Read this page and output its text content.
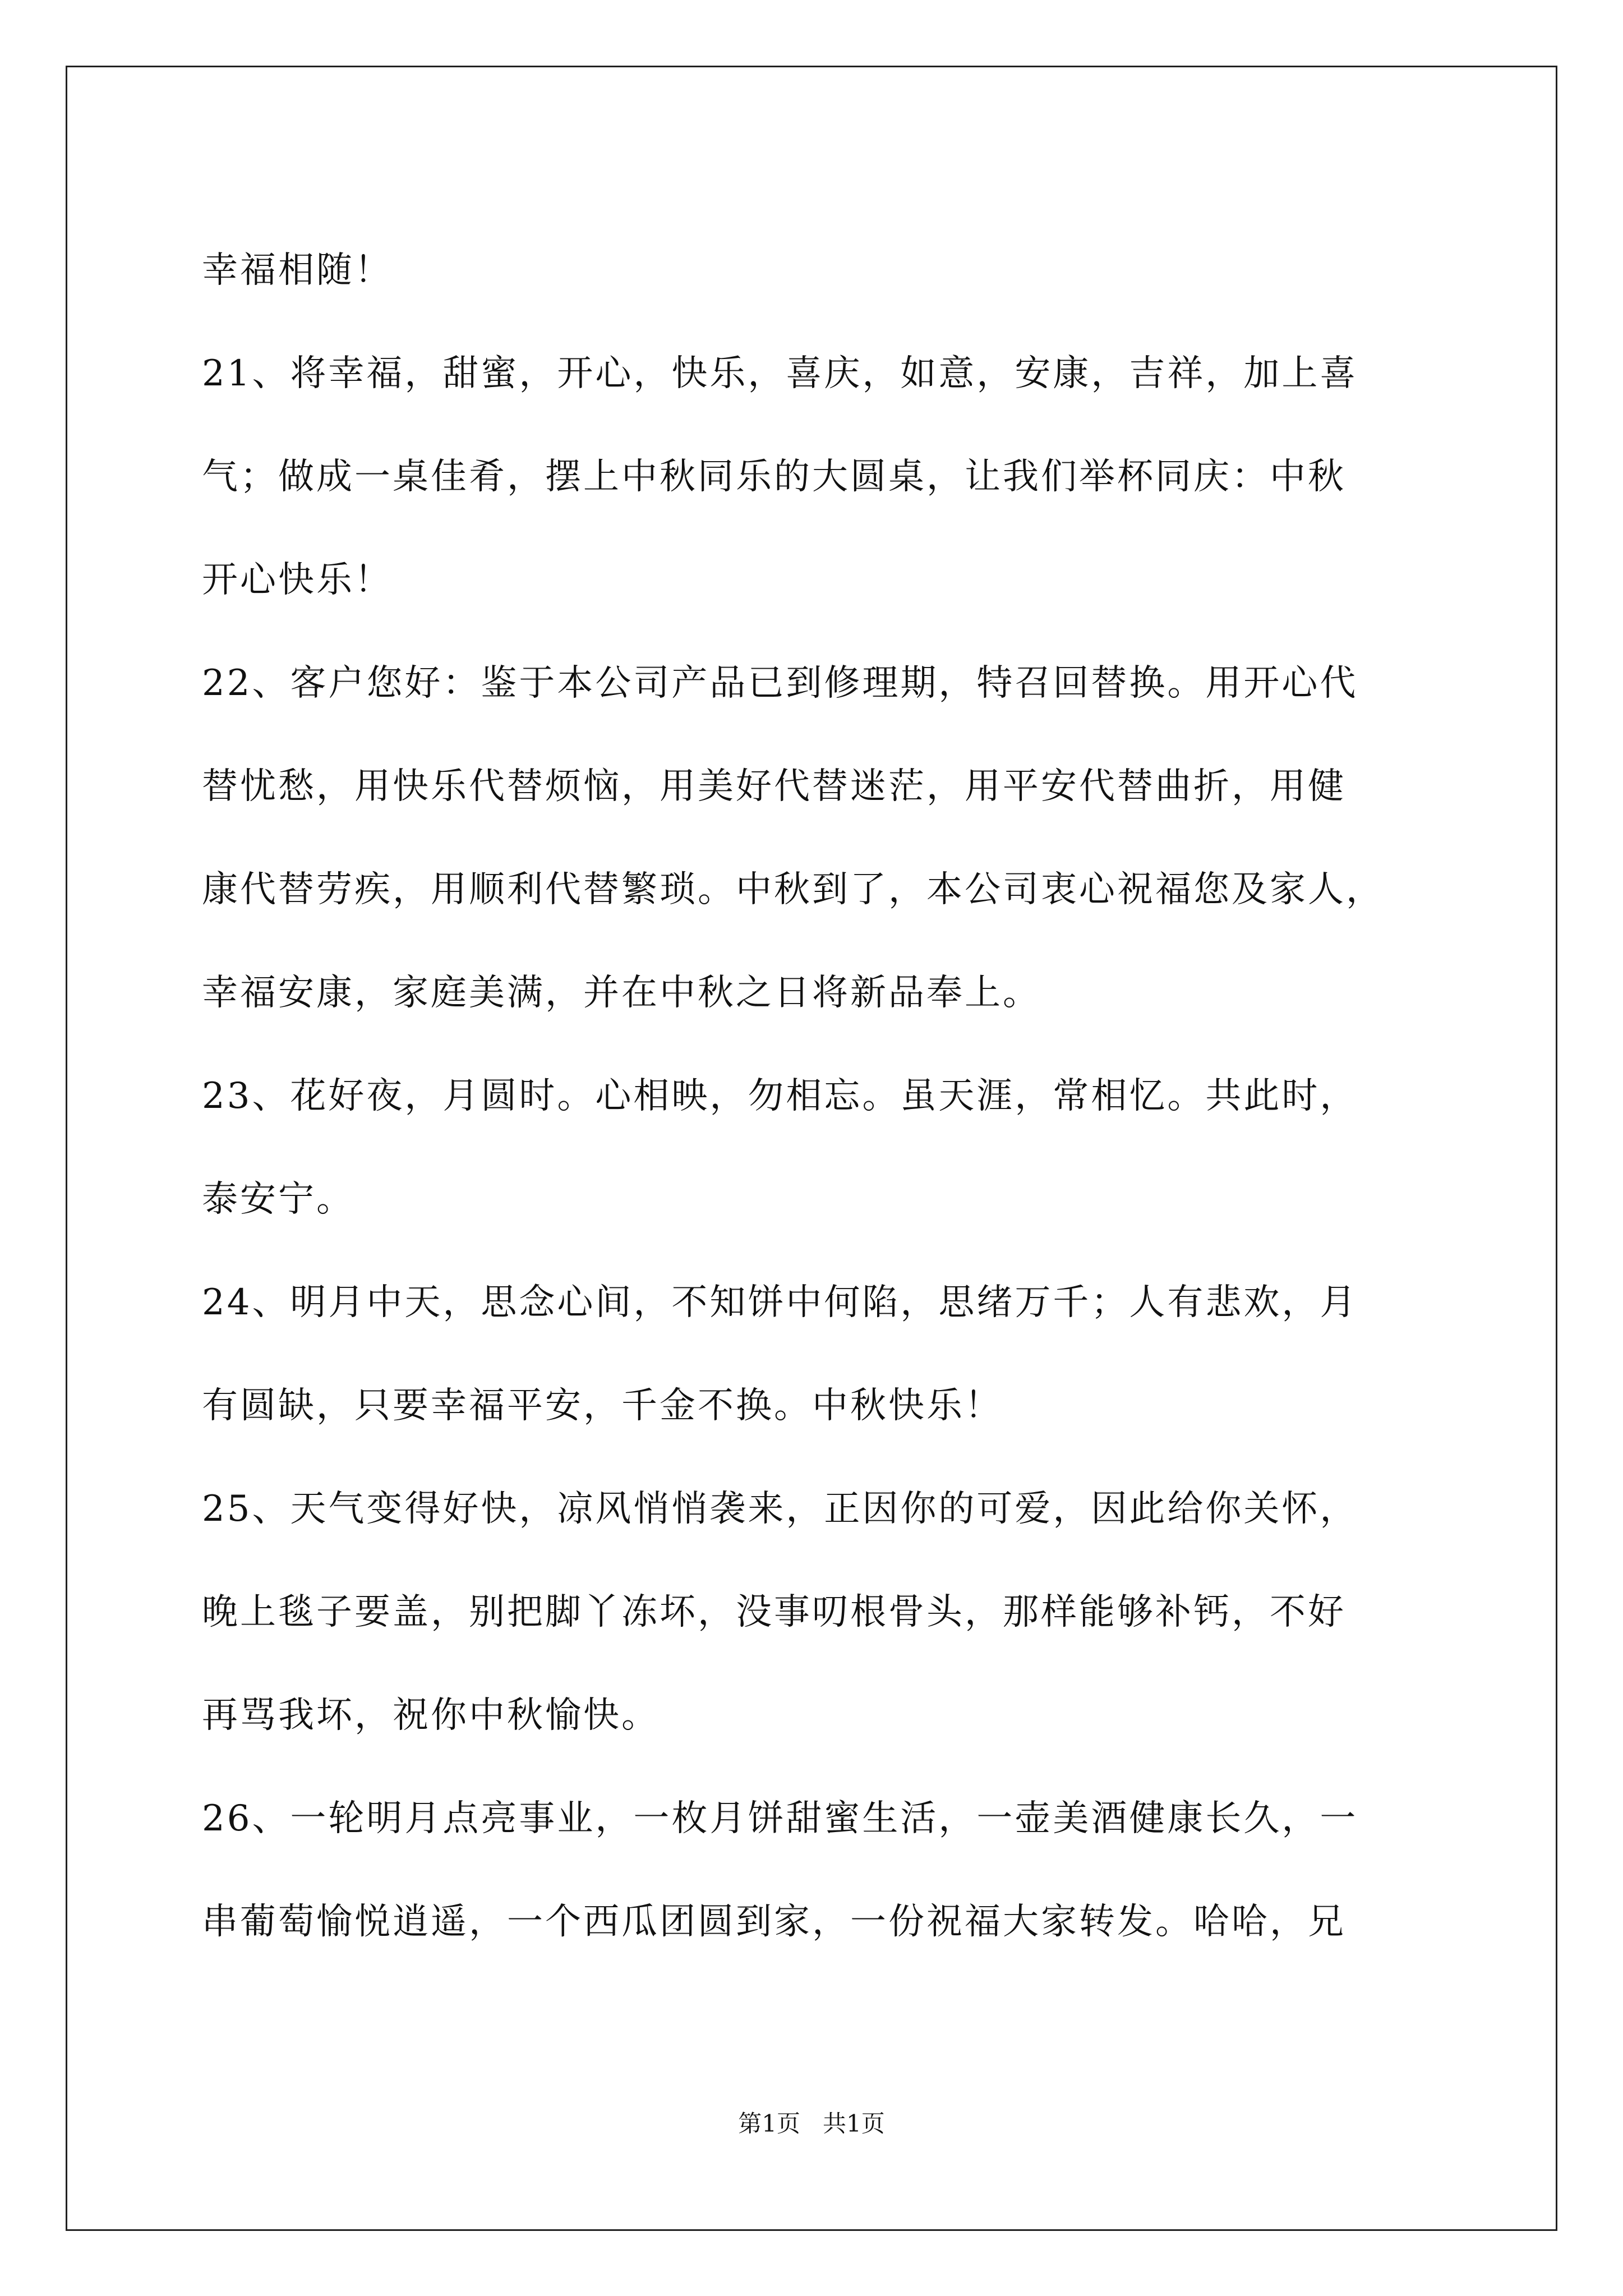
幸福相随！
21、将幸福，甜蜜，开心，快乐，喜庆，如意，安康，吉祥，加上喜
气；做成一桌佳肴，摆上中秋同乐的大圆桌，让我们举杯同庆：中秋
开心快乐！
22、客户您好：鉴于本公司产品已到修理期，特召回替换。用开心代
替忧愁，用快乐代替烦恼，用美好代替迷茫，用平安代替曲折，用健
康代替劳疾，用顺利代替繁琐。中秋到了，本公司衷心祝福您及家人，
幸福安康，家庭美满，并在中秋之日将新品奉上。
23、花好夜，月圆时。心相映，勿相忘。虽天涯，常相忆。共此时，
泰安宁。
24、明月中天，思念心间，不知饼中何陷，思绪万千；人有悲欢，月
有圆缺，只要幸福平安，千金不换。中秋快乐！
25、天气变得好快，凉风悄悄袭来，正因你的可爱，因此给你关怀，
晚上毯子要盖，别把脚丫冻坏，没事叨根骨头，那样能够补钙，不好
再骂我坏，祝你中秋愉快。
26、一轮明月点亮事业，一枚月饼甜蜜生活，一壶美酒健康长久，一
串葡萄愉悦逍遥，一个西瓜团圆到家，一份祝福大家转发。哈哈，兄
第1页 共1页
